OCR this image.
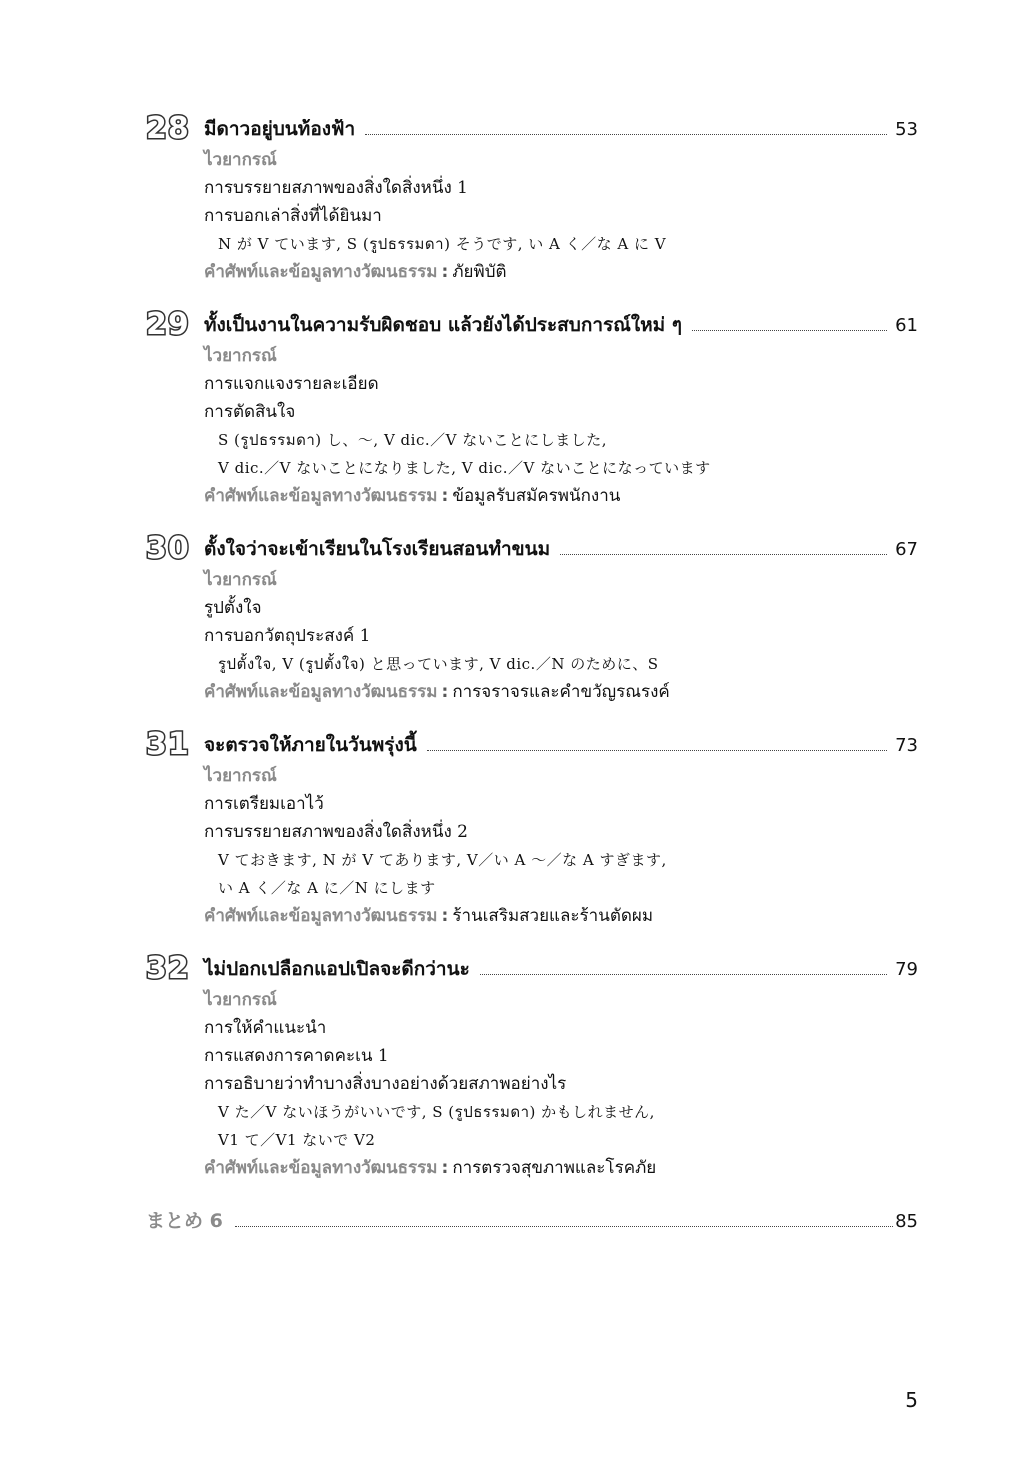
28 มีดาวอยู่บนท้องฟ้า	53
ไวยากรณ์
การบรรยายสภาพของสิ่งใดสิ่งหนึ่ง 1
การบอกเล่าสิ่งที่ได้ยินมา
N が V ています, S (รูปธรรมดา) そうです, い A く／な A に V
คำศัพท์และข้อมูลทางวัฒนธรรม : ภัยพิบัติ
29 ทั้งเป็นงานในความรับผิดชอบ แล้วยังได้ประสบการณ์ใหม่ ๆ	61
ไวยากรณ์
การแจกแจงรายละเอียด
การตัดสินใจ
S (รูปธรรมดา) し、～, V dic.／V ないことにしました,
V dic.／V ないことになりました, V dic.／V ないことになっています
คำศัพท์และข้อมูลทางวัฒนธรรม : ข้อมูลรับสมัครพนักงาน
30 ตั้งใจว่าจะเข้าเรียนในโรงเรียนสอนทำขนม	67
ไวยากรณ์
รูปตั้งใจ
การบอกวัตถุประสงค์ 1
รูปตั้งใจ, V (รูปตั้งใจ) と思っています, V dic.／N のために、S
คำศัพท์และข้อมูลทางวัฒนธรรม : การจราจรและคำขวัญรณรงค์
31 จะตรวจให้ภายในวันพรุ่งนี้	73
ไวยากรณ์
การเตรียมเอาไว้
การบรรยายสภาพของสิ่งใดสิ่งหนึ่ง 2
V ておきます, N が V てあります, V／い A 〜／な A すぎます,
い A く／な A に／N にします
คำศัพท์และข้อมูลทางวัฒนธรรม : ร้านเสริมสวยและร้านตัดผม
32 ไม่ปอกเปลือกแอปเปิลจะดีกว่านะ	79
ไวยากรณ์
การให้คำแนะนำ
การแสดงการคาดคะเน 1
การอธิบายว่าทำบางสิ่งบางอย่างด้วยสภาพอย่างไร
V た／V ないほうがいいです, S (รูปธรรมดา) かもしれません,
V1 て／V1 ないで V2
คำศัพท์และข้อมูลทางวัฒนธรรม : การตรวจสุขภาพและโรคภัย
まとめ 6	85
5
